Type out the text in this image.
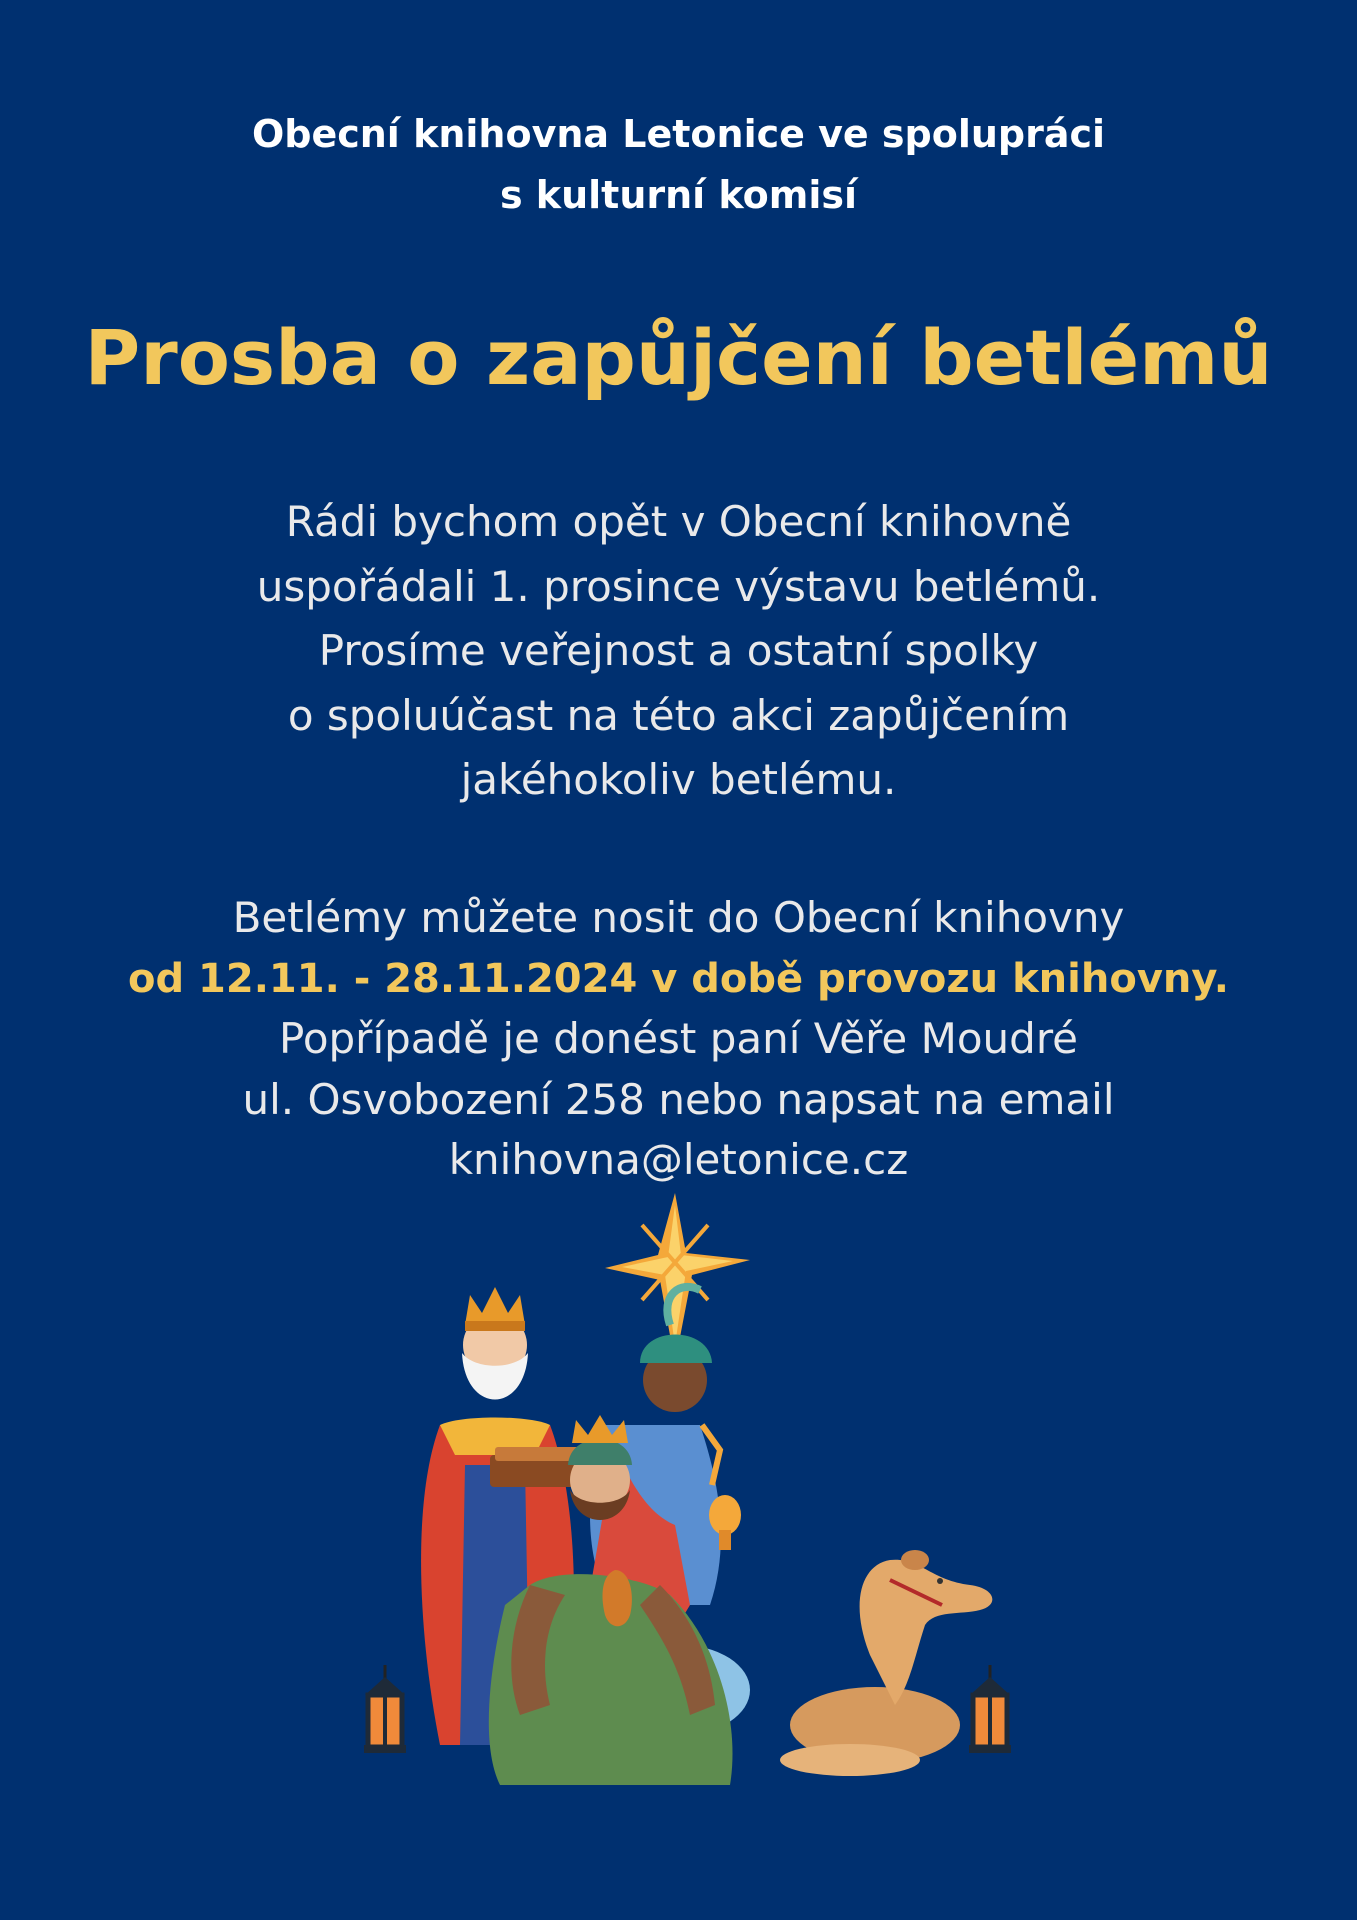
Obecní knihovna Letonice ve spolupráci
s kulturní komisí
Prosba o zapůjčení betlémů
Rádi bychom opět v Obecní knihovně
uspořádali 1. prosince výstavu betlémů.
Prosíme veřejnost a ostatní spolky
o spoluúčast na této akci zapůjčením
jakéhokoliv betlému.
Betlémy můžete nosit do Obecní knihovny
od 12.11. - 28.11.2024 v době provozu knihovny.
Popřípadě je donést paní Věře Moudré
ul. Osvobození 258 nebo napsat na email
knihovna@letonice.cz
